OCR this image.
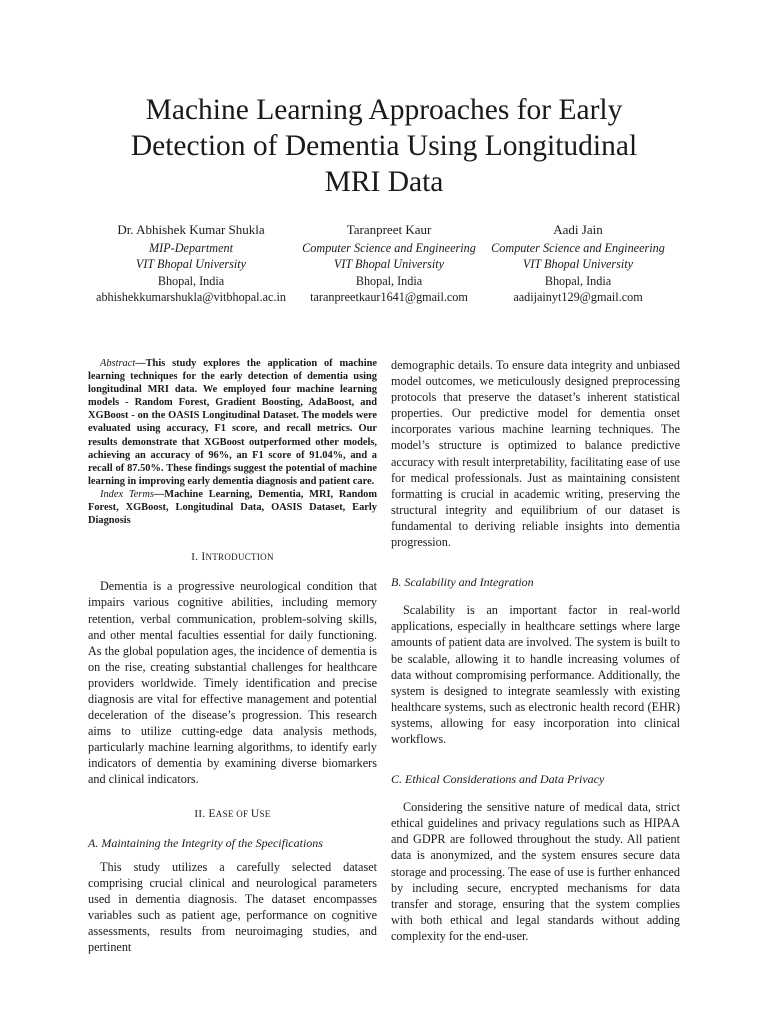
Machine Learning Approaches for Early
Detection of Dementia Using Longitudinal
MRI Data
Dr. Abhishek Kumar Shukla
MIP-Department
VIT Bhopal University
Bhopal, India
abhishekkumarshukla@vitbhopal.ac.in
Taranpreet Kaur
Computer Science and Engineering
VIT Bhopal University
Bhopal, India
taranpreetkaur1641@gmail.com
Aadi Jain
Computer Science and Engineering
VIT Bhopal University
Bhopal, India
aadijainyt129@gmail.com

Abstract—This study explores the application of machine learning techniques for the early detection of dementia using longitudinal MRI data. We employed four machine learning models - Random Forest, Gradient Boosting, AdaBoost, and XGBoost - on the OASIS Longitudinal Dataset. The models were evaluated using accuracy, F1 score, and recall metrics. Our results demonstrate that XGBoost outperformed other models, achieving an accuracy of 96%, an F1 score of 91.04%, and a recall of 87.50%. These findings suggest the potential of machine learning in improving early dementia diagnosis and patient care.

Index Terms—Machine Learning, Dementia, MRI, Random Forest, XGBoost, Longitudinal Data, OASIS Dataset, Early Diagnosis

I. INTRODUCTION

Dementia is a progressive neurological condition that impairs various cognitive abilities, including memory retention, verbal communication, problem-solving skills, and other mental faculties essential for daily functioning. As the global population ages, the incidence of dementia is on the rise, creating substantial challenges for healthcare providers worldwide. Timely identification and precise diagnosis are vital for effective management and potential deceleration of the disease’s progression. This research aims to utilize cutting-edge data analysis methods, particularly machine learning algorithms, to identify early indicators of dementia by examining diverse biomarkers and clinical indicators.

II. EASE OF USE
A. Maintaining the Integrity of the Specifications

This study utilizes a carefully selected dataset comprising crucial clinical and neurological parameters used in dementia diagnosis. The dataset encompasses variables such as patient age, performance on cognitive assessments, results from neuroimaging studies, and pertinent

demographic details. To ensure data integrity and unbiased model outcomes, we meticulously designed preprocessing protocols that preserve the dataset’s inherent statistical properties. Our predictive model for dementia onset incorporates various machine learning techniques. The model’s structure is optimized to balance predictive accuracy with result interpretability, facilitating ease of use for medical professionals. Just as maintaining consistent formatting is crucial in academic writing, preserving the structural integrity and equilibrium of our dataset is fundamental to deriving reliable insights into dementia progression.

B. Scalability and Integration

Scalability is an important factor in real-world applications, especially in healthcare settings where large amounts of patient data are involved. The system is built to be scalable, allowing it to handle increasing volumes of data without compromising performance. Additionally, the system is designed to integrate seamlessly with existing healthcare systems, such as electronic health record (EHR) systems, allowing for easy incorporation into clinical workflows.

C. Ethical Considerations and Data Privacy

Considering the sensitive nature of medical data, strict ethical guidelines and privacy regulations such as HIPAA and GDPR are followed throughout the study. All patient data is anonymized, and the system ensures secure data storage and processing. The ease of use is further enhanced by including secure, encrypted mechanisms for data transfer and storage, ensuring that the system complies with both ethical and legal standards without adding complexity for the end-user.
